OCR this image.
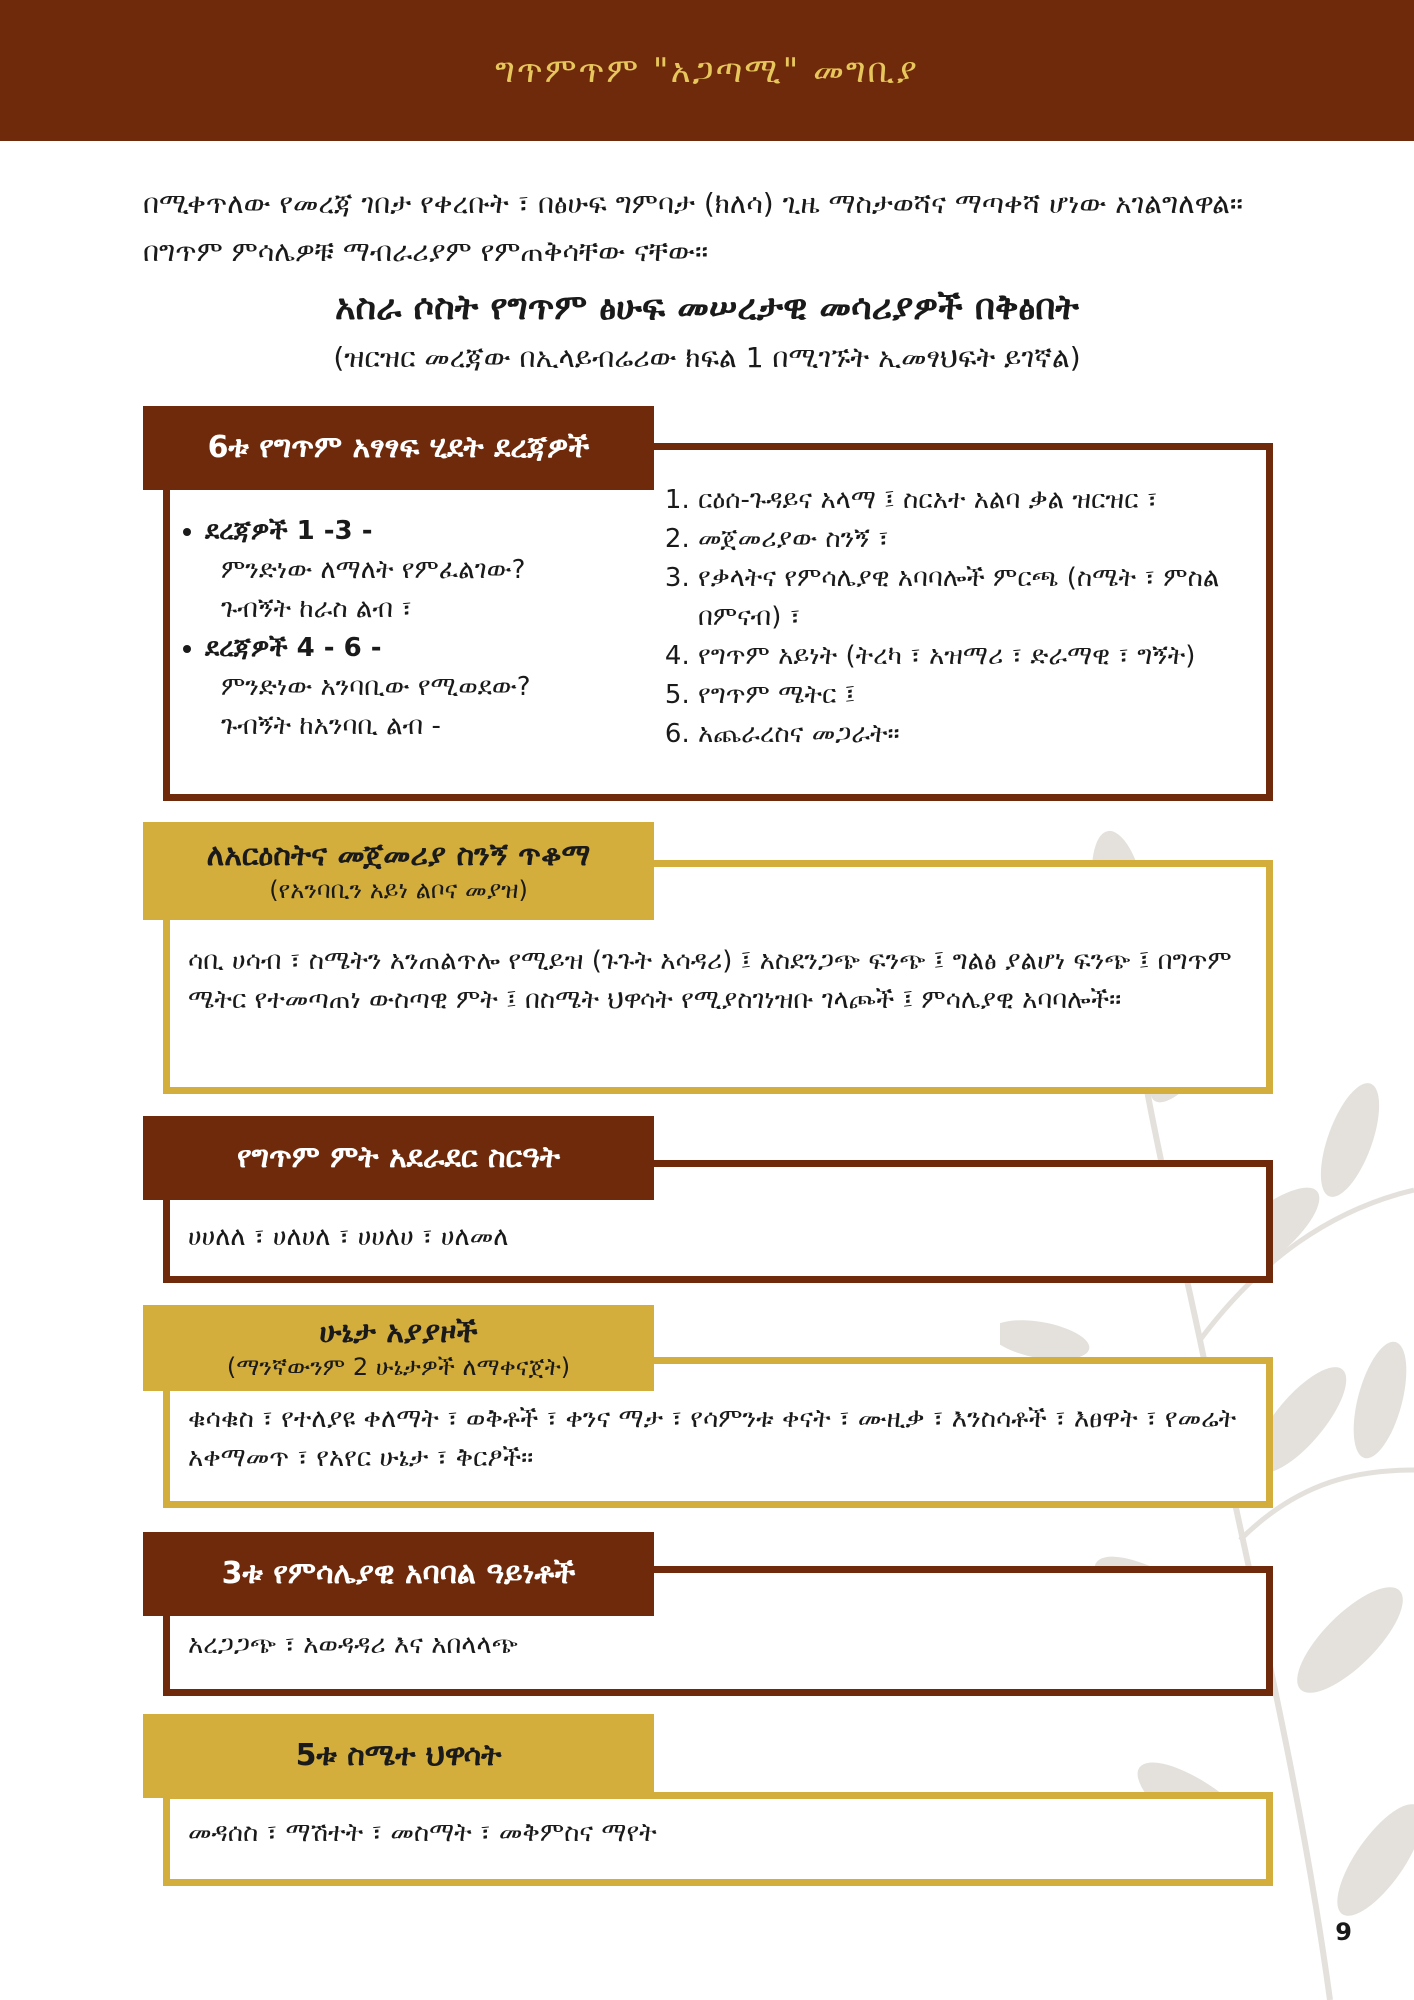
ግጥምጥም "አጋጣሚ" መግቢያ
በሚቀጥለው የመረጃ ገበታ የቀረቡት ፣ በፅሁፍ ግምባታ (ክለሳ) ጊዜ ማስታወሻና ማጣቀሻ ሆነው አገልግለዋል። በግጥም ምሳሌዎቹ ማብራሪያም የምጠቅሳቸው ናቸው።
አስራ ሶስት የግጥም ፅሁፍ መሠረታዊ መሳሪያዎች በቅፅበት
(ዝርዝር መረጃው በኢላይብሬሪው ክፍል 1 በሚገኙት ኢመፃህፍት ይገኛል)
6ቱ የግጥም አፃፃፍ ሂደት ደረጃዎች
• ደረጃዎች 1 -3 -
ምንድነው ለማለት የምፈልገው?
ጉብኝት ከራስ ልብ ፣
• ደረጃዎች 4 - 6 -
ምንድነው አንባቢው የሚወደው?
ጉብኝት ከአንባቢ ልብ -
1. ርዕሰ-ጉዳይና አላማ ፤ ስርአተ አልባ ቃል ዝርዝር ፣
2. መጀመሪያው ስንኝ ፣
3. የቃላትና የምሳሌያዊ አባባሎች ምርጫ (ስሜት ፣ ምስል በምናብ) ፣
4. የግጥም አይነት (ትረካ ፣ አዝማሪ ፣ ድራማዊ ፣ ግኝት)
5. የግጥም ሜትር ፤
6. አጨራረስና መጋራት።
ለአርዕስትና መጀመሪያ ስንኝ ጥቆማ
(የአንባቢን አይነ ልቦና መያዝ)
ሳቢ ሀሳብ ፣ ስሜትን አንጠልጥሎ የሚይዝ (ጉጉት አሳዳሪ) ፤ አስደንጋጭ ፍንጭ ፤ ግልፅ ያልሆነ ፍንጭ ፤ በግጥም ሜትር የተመጣጠነ ውስጣዊ ምት ፤ በስሜት ህዋሳት የሚያስገነዝቡ ገላጮች ፤ ምሳሌያዊ አባባሎች።
የግጥም ምት አደራደር ስርዓት
ሀሀለለ ፣ ሀለሀለ ፣ ሀሀለሀ ፣ ሀለመለ
ሁኔታ አያያዞች
(ማንኛውንም 2 ሁኔታዎች ለማቀናጀት)
ቁሳቁስ ፣ የተለያዩ ቀለማት ፣ ወቅቶች ፣ ቀንና ማታ ፣ የሳምንቱ ቀናት ፣ ሙዚቃ ፣ እንስሳቶች ፣ እፀዋት ፣ የመሬት አቀማመጥ ፣ የአየር ሁኔታ ፣ ቅርፆች።
3ቱ የምሳሌያዊ አባባል ዓይነቶች
አረጋጋጭ ፣ አወዳዳሪ እና አበላላጭ
5ቱ ስሜተ ህዋሳት
መዳሰስ ፣ ማሽተት ፣ መስማት ፣ መቅምስና ማየት
9
